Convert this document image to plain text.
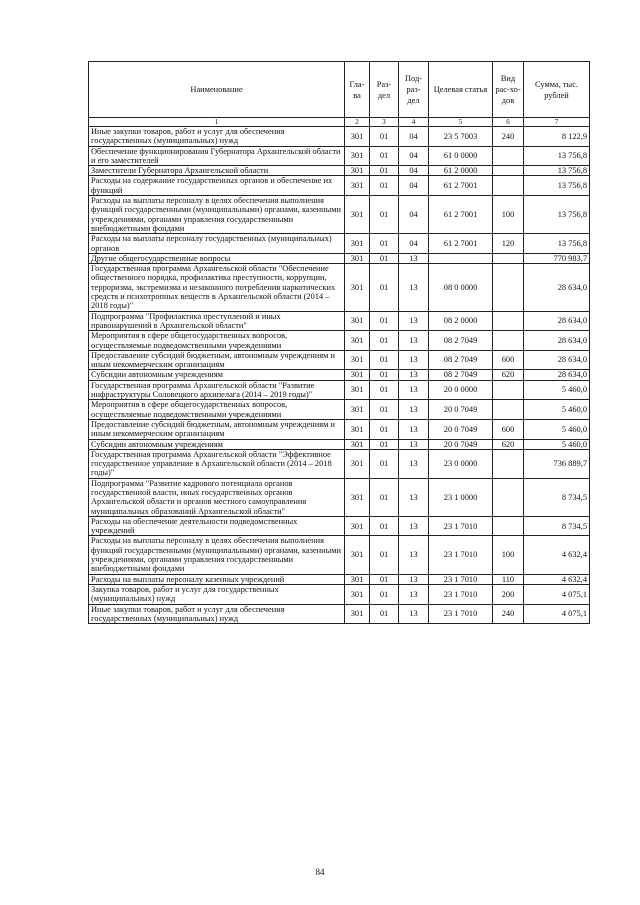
Наименование	Гла-ва	Раз-дел	Под-раз-дел	Целевая статья	Вид рас-хо-дов	Сумма, тыс. рублей
1	2	3	4	5	6	7
Иные закупки товаров, работ и услуг для обеспечения государственных (муниципальных) нужд	301	01	04	23 5 7003	240	8 122,9
Обеспечение функционирования Губернатора Архангельской области и его заместителей	301	01	04	61 0 0000		13 756,8
Заместители Губернатора Архангельской области	301	01	04	61 2 0000		13 756,8
Расходы на содержание государственных органов и обеспечение их функций	301	01	04	61 2 7001		13 756,8
Расходы на выплаты персоналу в целях обеспечения выполнения функций государственными (муниципальными) органами, казенными учреждениями, органами управления государственными внебюджетными фондами	301	01	04	61 2 7001	100	13 756,8
Расходы на выплаты персоналу государственных (муниципальных) органов	301	01	04	61 2 7001	120	13 756,8
Другие общегосударственные вопросы	301	01	13			770 983,7
Государственная программа Архангельской области "Обеспечение общественного порядка, профилактика преступности, коррупции, терроризма, экстремизма и незаконного потребления наркотических средств и психотропных веществ в Архангельской области (2014 – 2018 годы)"	301	01	13	08 0 0000		28 634,0
Подпрограмма "Профилактика преступлений и иных правонарушений в Архангельской области"	301	01	13	08 2 0000		28 634,0
Мероприятия в сфере общегосударственных вопросов, осуществляемые подведомственными учреждениями	301	01	13	08 2 7049		28 634,0
Предоставление субсидий бюджетным, автономным учреждениям и иным некоммерческим организациям	301	01	13	08 2 7049	600	28 634,0
Субсидии автономным учреждениям	301	01	13	08 2 7049	620	28 634,0
Государственная программа Архангельской области "Развитие инфраструктуры Соловецкого архипелага (2014 – 2019 годы)"	301	01	13	20 0 0000		5 460,0
Мероприятия в сфере общегосударственных вопросов, осуществляемые подведомственными учреждениями	301	01	13	20 0 7049		5 460,0
Предоставление субсидий бюджетным, автономным учреждениям и иным некоммерческим организациям	301	01	13	20 0 7049	600	5 460,0
Субсидии автономным учреждениям	301	01	13	20 0 7049	620	5 460,0
Государственная программа Архангельской области "Эффективное государственное управление в Архангельской области (2014 – 2018 годы)"	301	01	13	23 0 0000		736 889,7
Подпрограмма "Развитие кадрового потенциала органов государственной власти, иных государственных органов Архангельской области и органов местного самоуправления муниципальных образований Архангельской области"	301	01	13	23 1 0000		8 734,5
Расходы на обеспечение деятельности подведомственных учреждений	301	01	13	23 1 7010		8 734,5
Расходы на выплаты персоналу в целях обеспечения выполнения функций государственными (муниципальными) органами, казенными учреждениями, органами управления государственными внебюджетными фондами	301	01	13	23 1 7010	100	4 632,4
Расходы на выплаты персоналу казенных учреждений	301	01	13	23 1 7010	110	4 632,4
Закупка товаров, работ и услуг для государственных (муниципальных) нужд	301	01	13	23 1 7010	200	4 075,1
Иные закупки товаров, работ и услуг для обеспечения государственных (муниципальных) нужд	301	01	13	23 1 7010	240	4 075,1
84
